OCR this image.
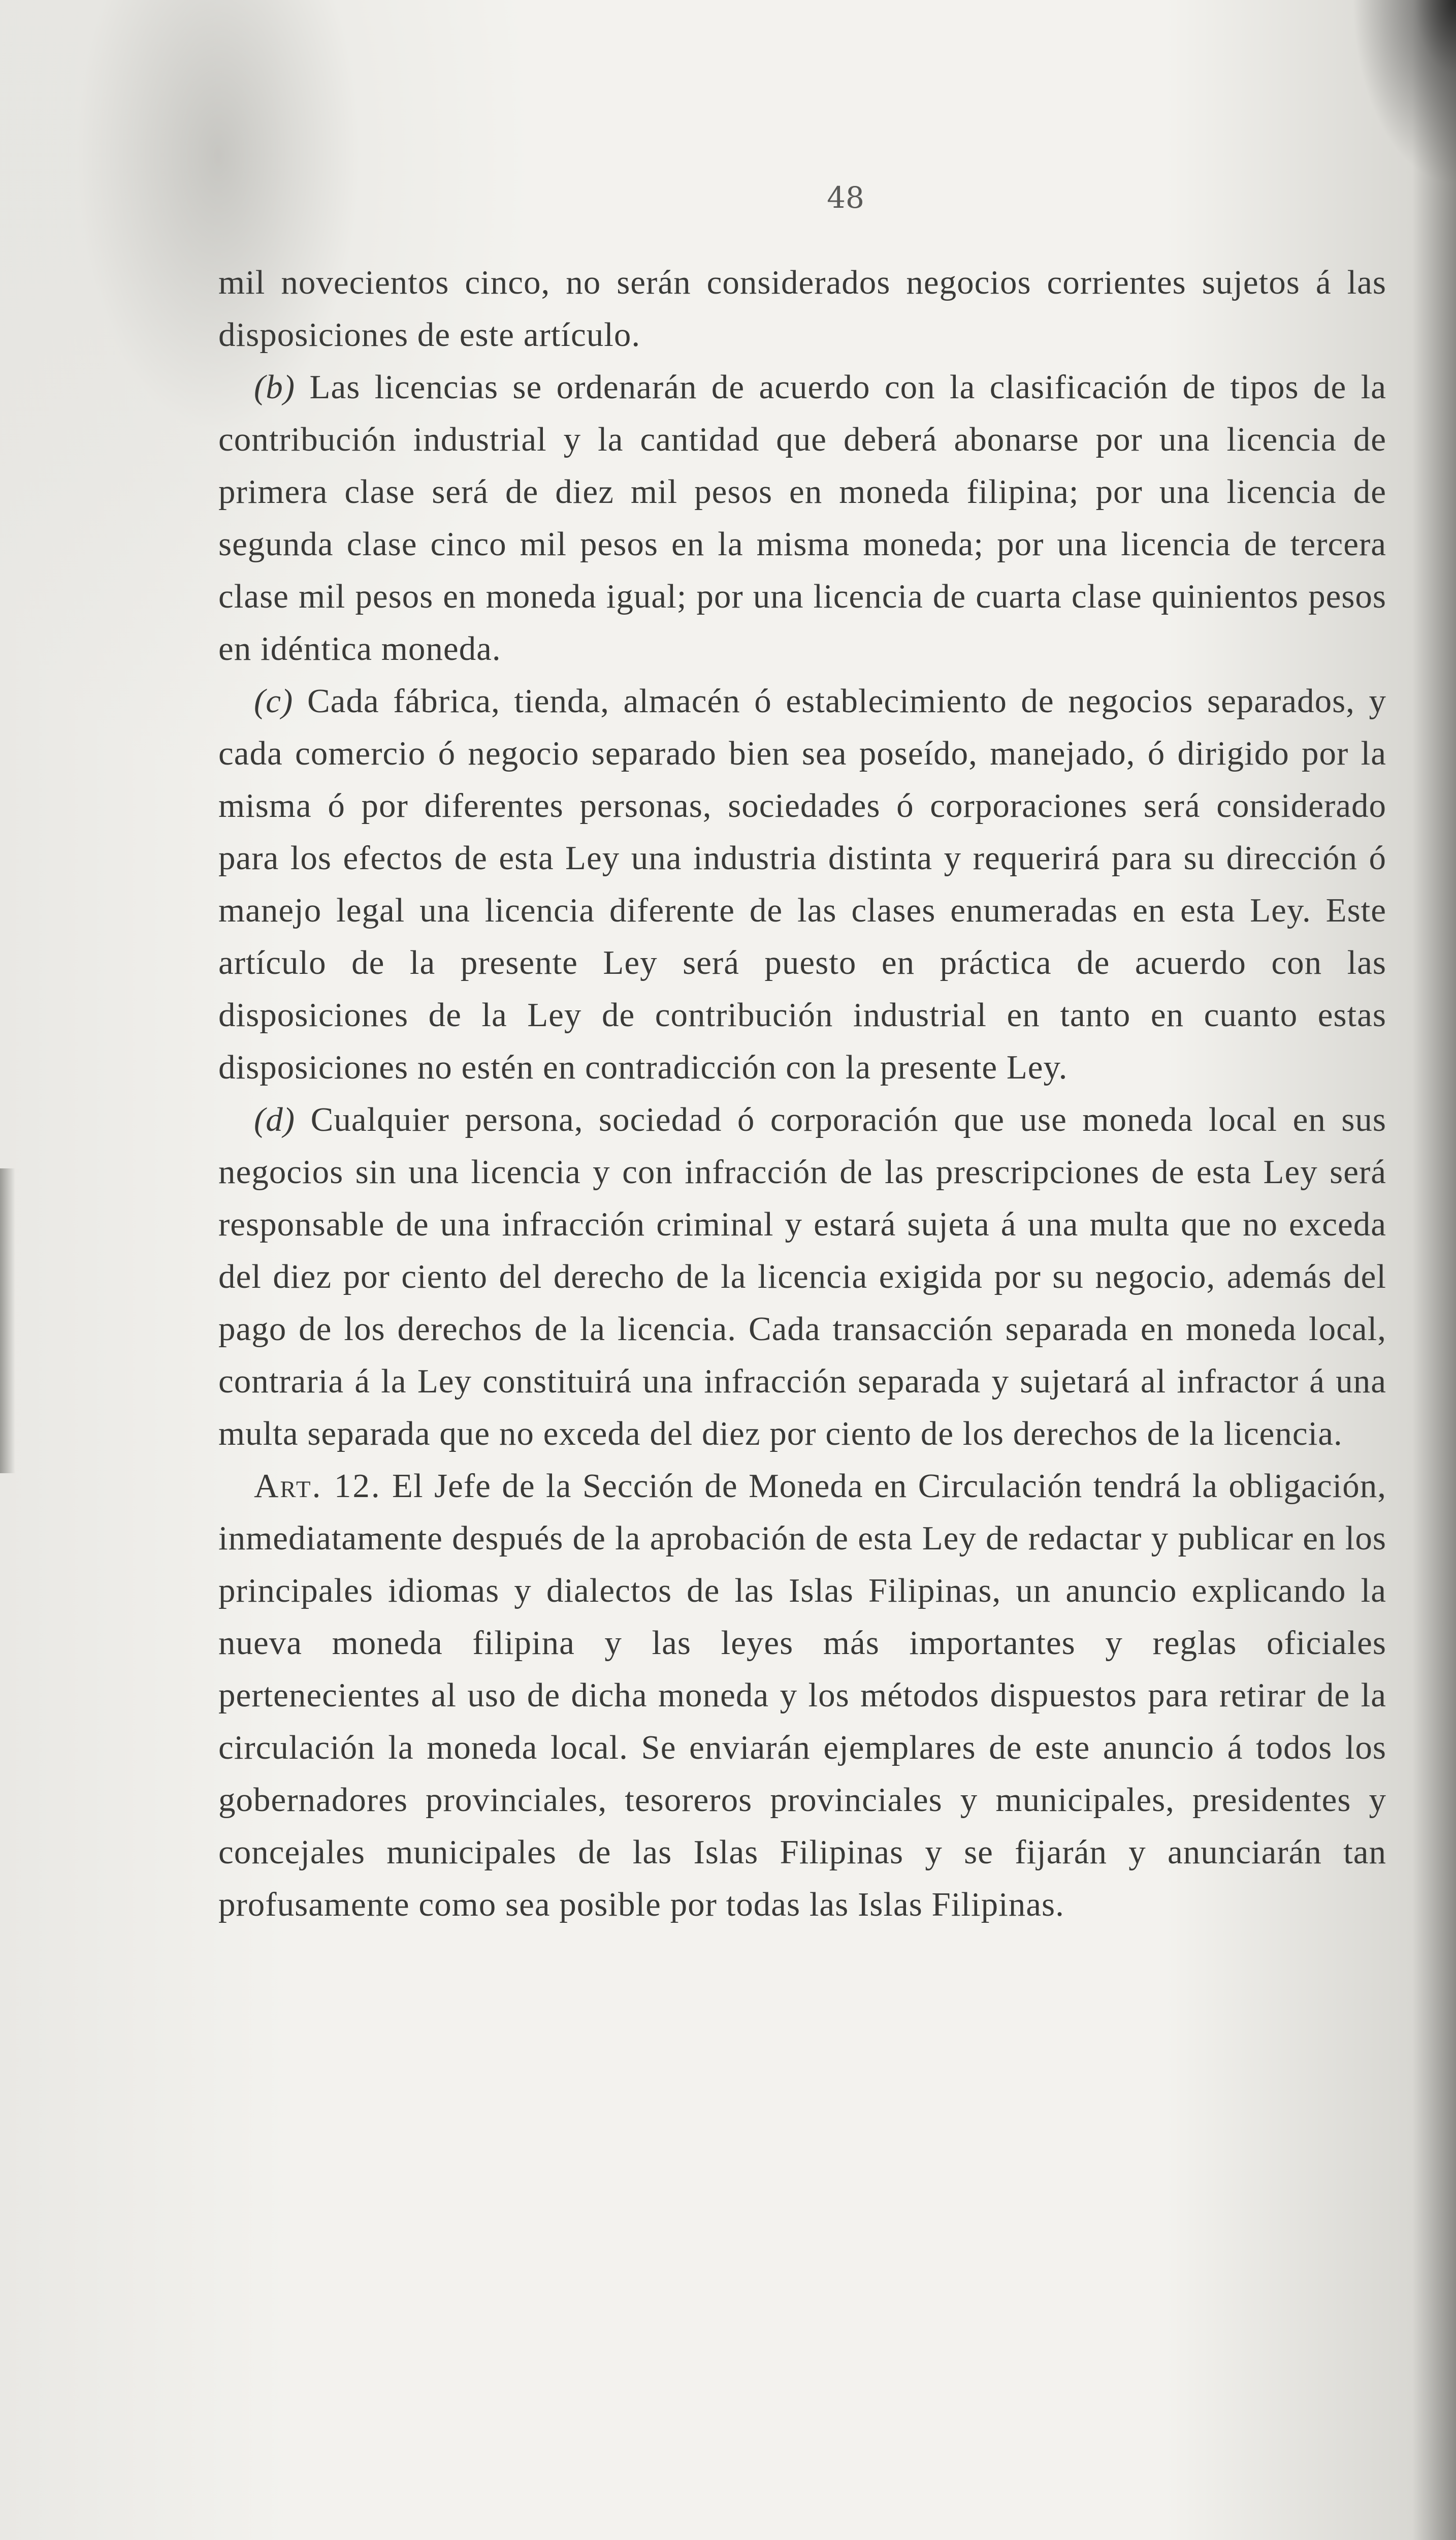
48

mil novecientos cinco, no serán considerados negocios corrientes sujetos á las disposiciones de este artículo.

(b) Las licencias se ordenarán de acuerdo con la clasificación de tipos de la contribución industrial y la cantidad que deberá abonarse por una licencia de primera clase será de diez mil pesos en moneda filipina; por una licencia de segunda clase cinco mil pesos en la misma moneda; por una licencia de tercera clase mil pesos en moneda igual; por una licencia de cuarta clase quinientos pesos en idéntica moneda.

(c) Cada fábrica, tienda, almacén ó establecimiento de negocios separados, y cada comercio ó negocio separado bien sea poseído, manejado, ó dirigido por la misma ó por diferentes personas, sociedades ó corporaciones será considerado para los efectos de esta Ley una industria distinta y requerirá para su dirección ó manejo legal una licencia diferente de las clases enumeradas en esta Ley. Este artículo de la presente Ley será puesto en práctica de acuerdo con las disposiciones de la Ley de contribución industrial en tanto en cuanto estas disposiciones no estén en contradicción con la presente Ley.

(d) Cualquier persona, sociedad ó corporación que use moneda local en sus negocios sin una licencia y con infracción de las prescripciones de esta Ley será responsable de una infracción criminal y estará sujeta á una multa que no exceda del diez por ciento del derecho de la licencia exigida por su negocio, además del pago de los derechos de la licencia. Cada transacción separada en moneda local, contraria á la Ley constituirá una infracción separada y sujetará al infractor á una multa separada que no exceda del diez por ciento de los derechos de la licencia.

Art. 12. El Jefe de la Sección de Moneda en Circulación tendrá la obligación, inmediatamente después de la aprobación de esta Ley de redactar y publicar en los principales idiomas y dialectos de las Islas Filipinas, un anuncio explicando la nueva moneda filipina y las leyes más importantes y reglas oficiales pertenecientes al uso de dicha moneda y los métodos dispuestos para retirar de la circulación la moneda local. Se enviarán ejemplares de este anuncio á todos los gobernadores provinciales, tesoreros provinciales y municipales, presidentes y concejales municipales de las Islas Filipinas y se fijarán y anunciarán tan profusamente como sea posible por todas las Islas Filipinas.
